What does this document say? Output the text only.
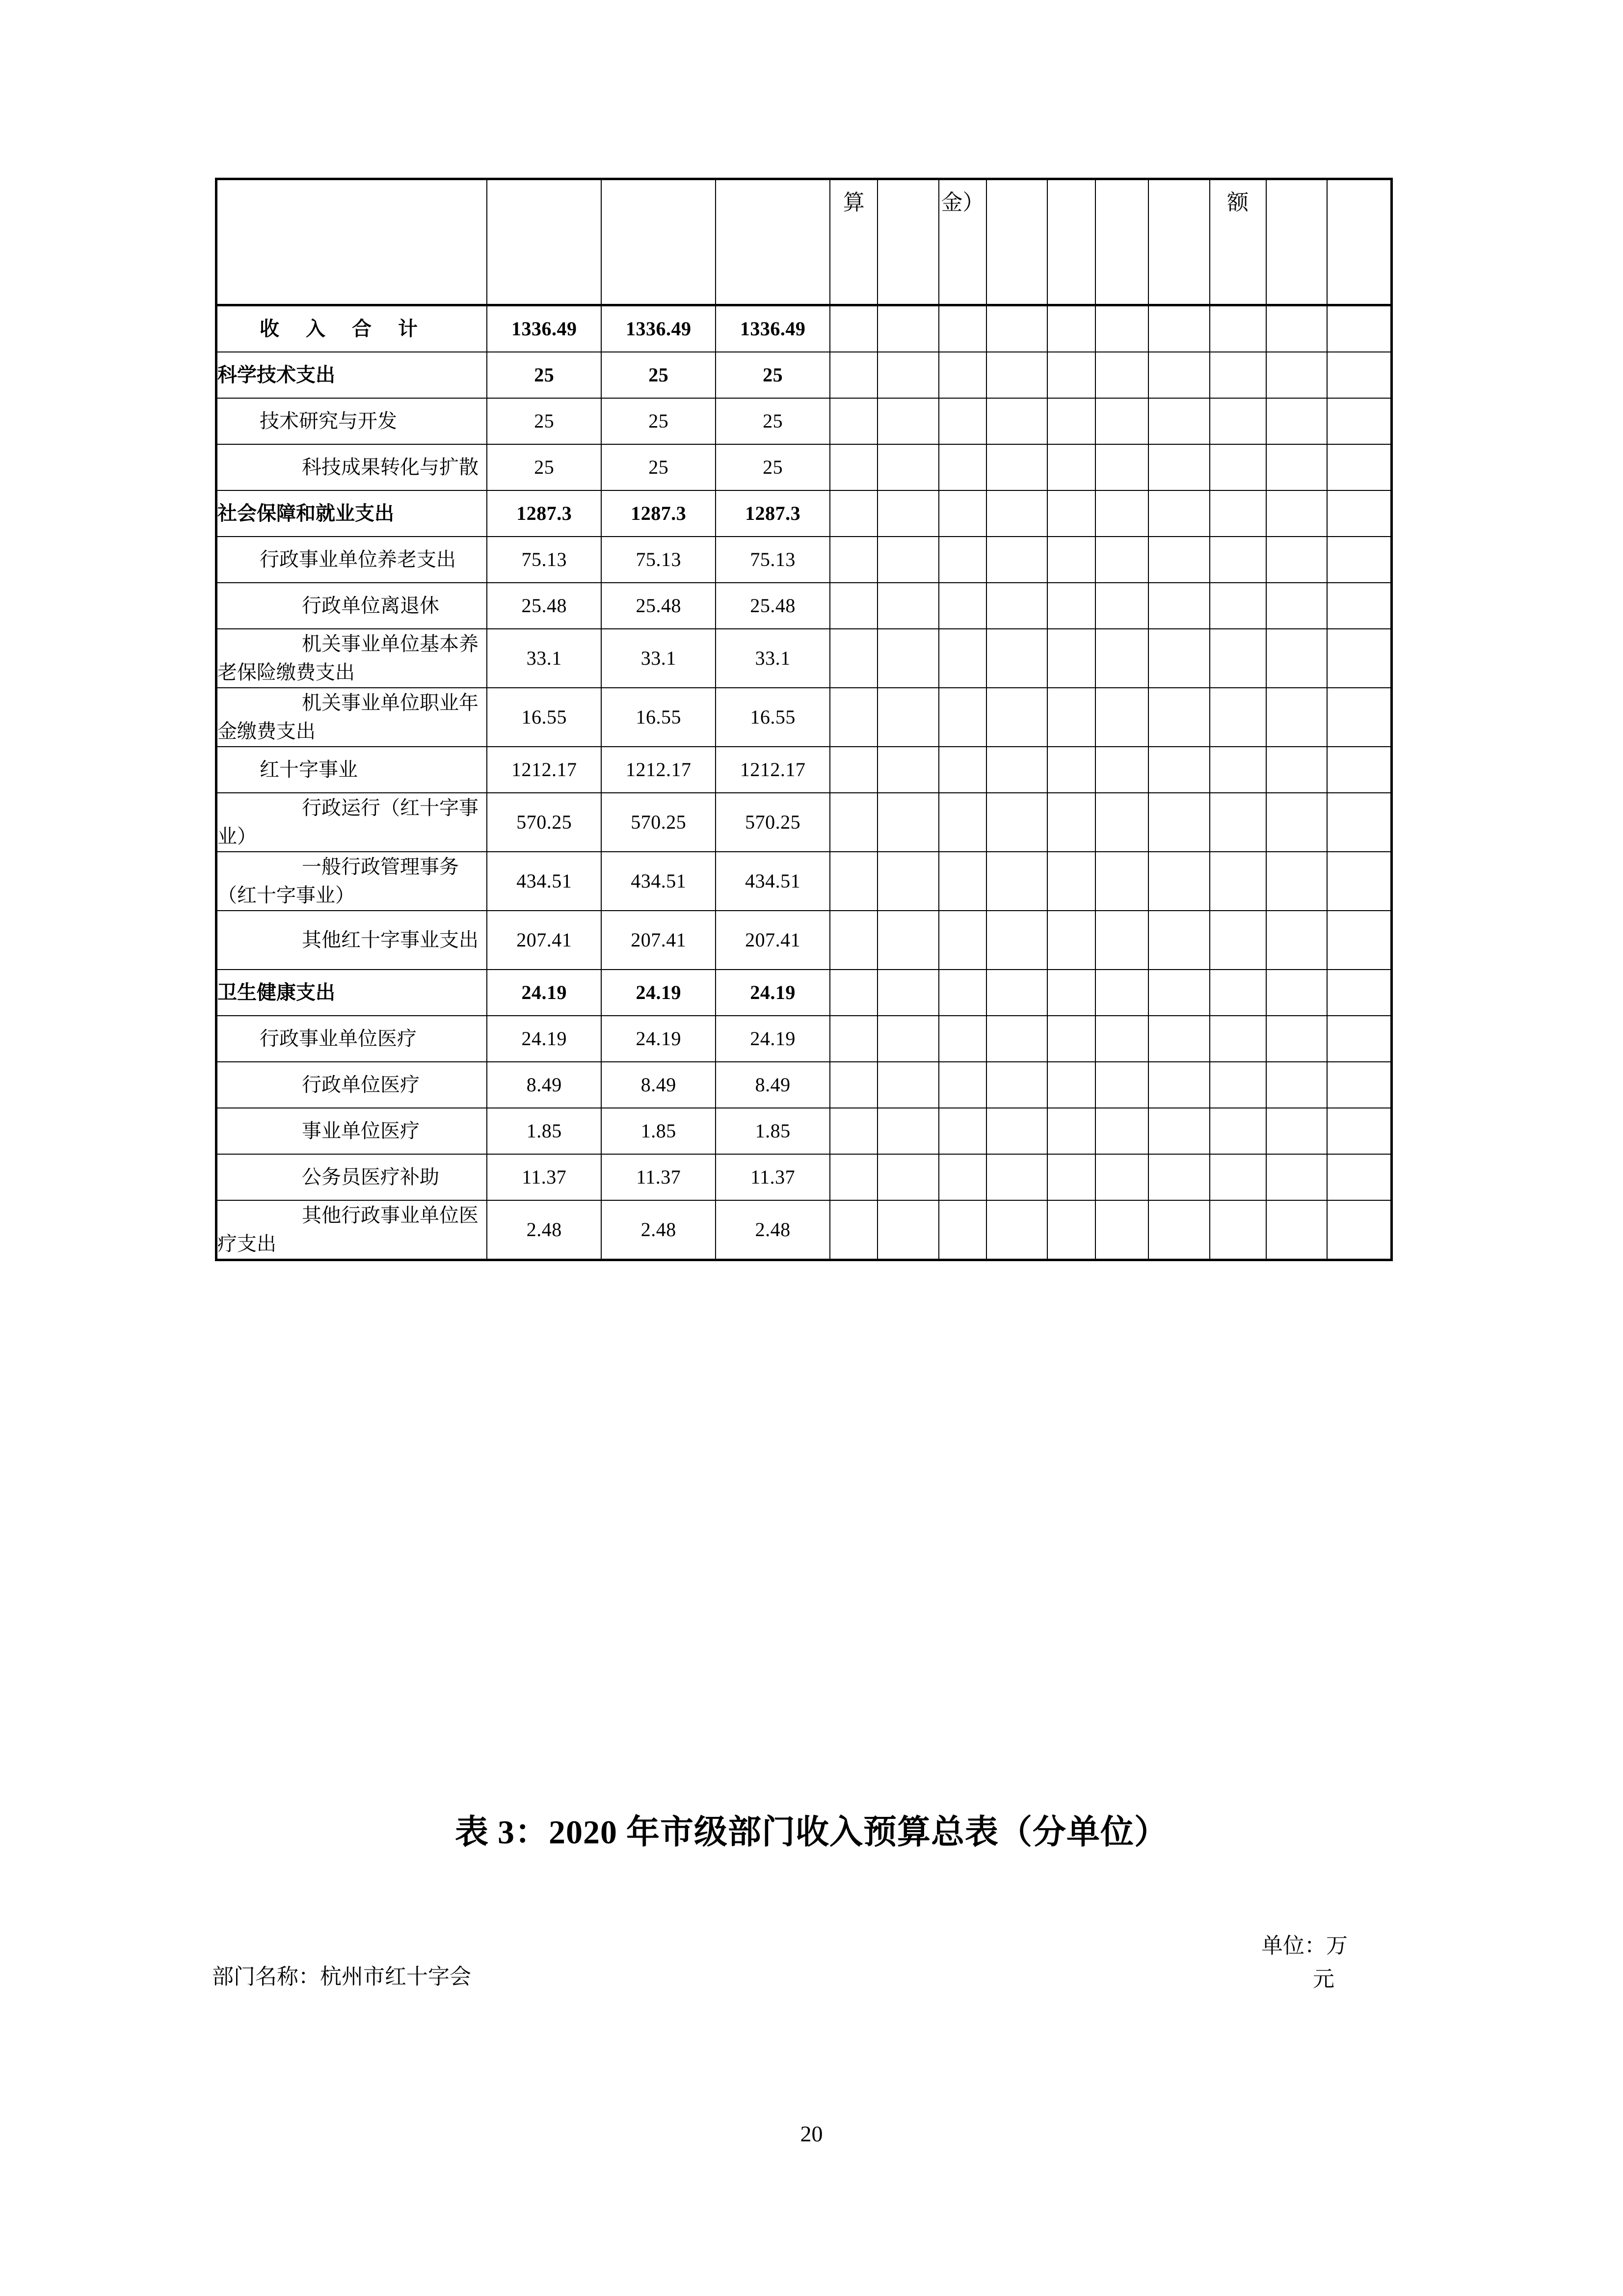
				算		金）					额		

收 入 合 计	1336.49	1336.49	1336.49										

科学技术支出	25	25	25										

技术研究与开发	25	25	25										

科技成果转化与扩散	25	25	25										

社会保障和就业支出	1287.3	1287.3	1287.3										

行政事业单位养老支出	75.13	75.13	75.13										

行政单位离退休	25.48	25.48	25.48										

机关事业单位基本养老保险缴费支出	33.1	33.1	33.1										

机关事业单位职业年金缴费支出	16.55	16.55	16.55										

红十字事业	1212.17	1212.17	1212.17										

行政运行（红十字事业）	570.25	570.25	570.25										

一般行政管理事务（红十字事业）	434.51	434.51	434.51										

其他红十字事业支出	207.41	207.41	207.41										

卫生健康支出	24.19	24.19	24.19										

行政事业单位医疗	24.19	24.19	24.19										

行政单位医疗	8.49	8.49	8.49										

事业单位医疗	1.85	1.85	1.85										

公务员医疗补助	11.37	11.37	11.37										

其他行政事业单位医疗支出	2.48	2.48	2.48										
表 3：2020 年市级部门收入预算总表（分单位）
部门名称：杭州市红十字会
单位：万
元
20
